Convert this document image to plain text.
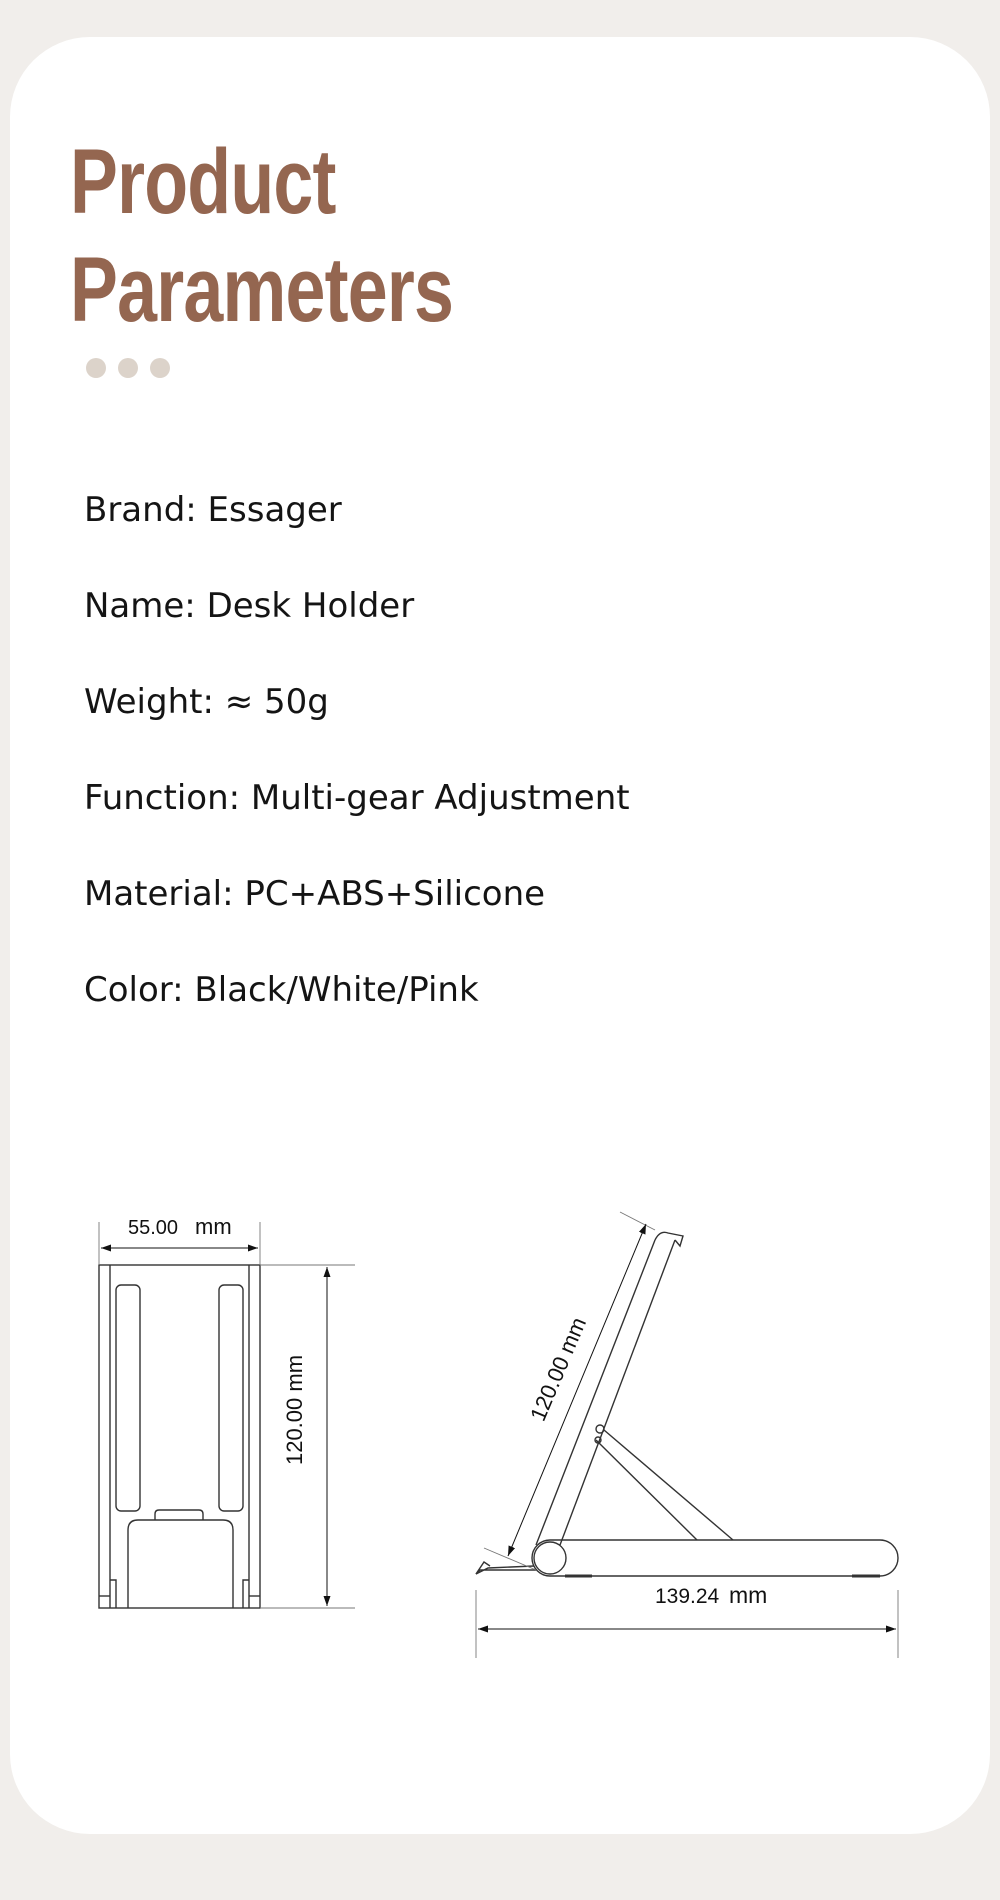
Product
Parameters
Brand: Essager
Name: Desk Holder
Weight: ≈ 50g
Function: Multi-gear Adjustment
Material: PC+ABS+Silicone
Color: Black/White/Pink
55.00 mm
120.00 mm	120.00 mm
139.24 mm
